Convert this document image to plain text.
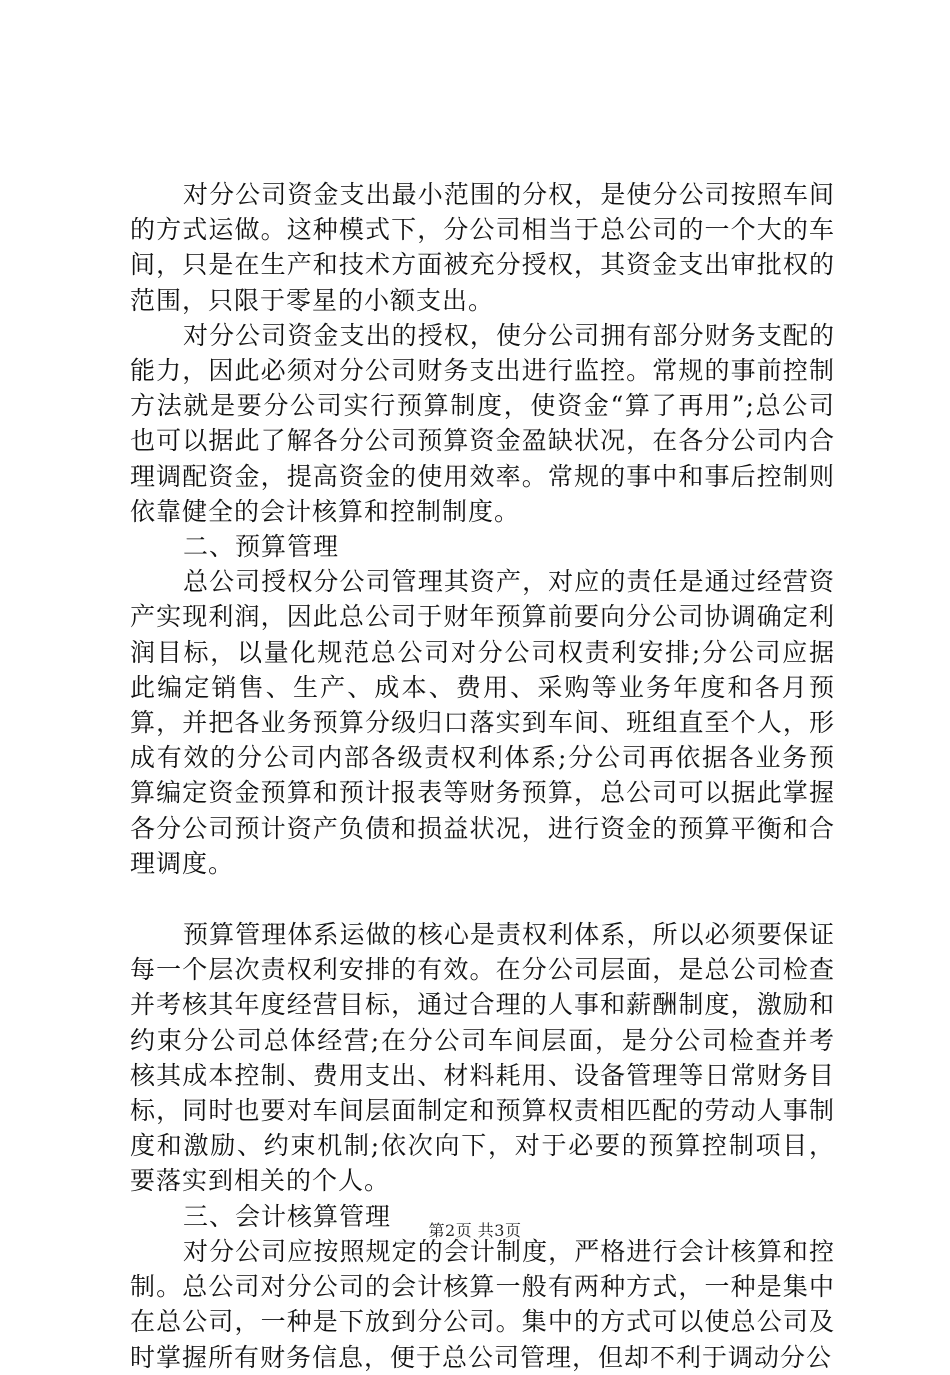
对分公司资金支出最小范围的分权，是使分公司按照车间的方式运做。这种模式下，分公司相当于总公司的一个大的车间，只是在生产和技术方面被充分授权，其资金支出审批权的范围，只限于零星的小额支出。

对分公司资金支出的授权，使分公司拥有部分财务支配的能力，因此必须对分公司财务支出进行监控。常规的事前控制方法就是要分公司实行预算制度，使资金“算了再用”;总公司也可以据此了解各分公司预算资金盈缺状况，在各分公司内合理调配资金，提高资金的使用效率。常规的事中和事后控制则依靠健全的会计核算和控制制度。

二、预算管理

总公司授权分公司管理其资产，对应的责任是通过经营资产实现利润，因此总公司于财年预算前要向分公司协调确定利润目标，以量化规范总公司对分公司权责利安排;分公司应据此编定销售、生产、成本、费用、采购等业务年度和各月预算，并把各业务预算分级归口落实到车间、班组直至个人，形成有效的分公司内部各级责权利体系;分公司再依据各业务预算编定资金预算和预计报表等财务预算，总公司可以据此掌握各分公司预计资产负债和损益状况，进行资金的预算平衡和合理调度。

预算管理体系运做的核心是责权利体系，所以必须要保证每一个层次责权利安排的有效。在分公司层面，是总公司检查并考核其年度经营目标，通过合理的人事和薪酬制度，激励和约束分公司总体经营;在分公司车间层面，是分公司检查并考核其成本控制、费用支出、材料耗用、设备管理等日常财务目标，同时也要对车间层面制定和预算权责相匹配的劳动人事制度和激励、约束机制;依次向下，对于必要的预算控制项目，要落实到相关的个人。

三、会计核算管理

对分公司应按照规定的会计制度，严格进行会计核算和控制。总公司对分公司的会计核算一般有两种方式，一种是集中在总公司，一种是下放到分公司。集中的方式可以使总公司及时掌握所有财务信息，便于总公司管理，但却不利于调动分公

第2页 共3页
